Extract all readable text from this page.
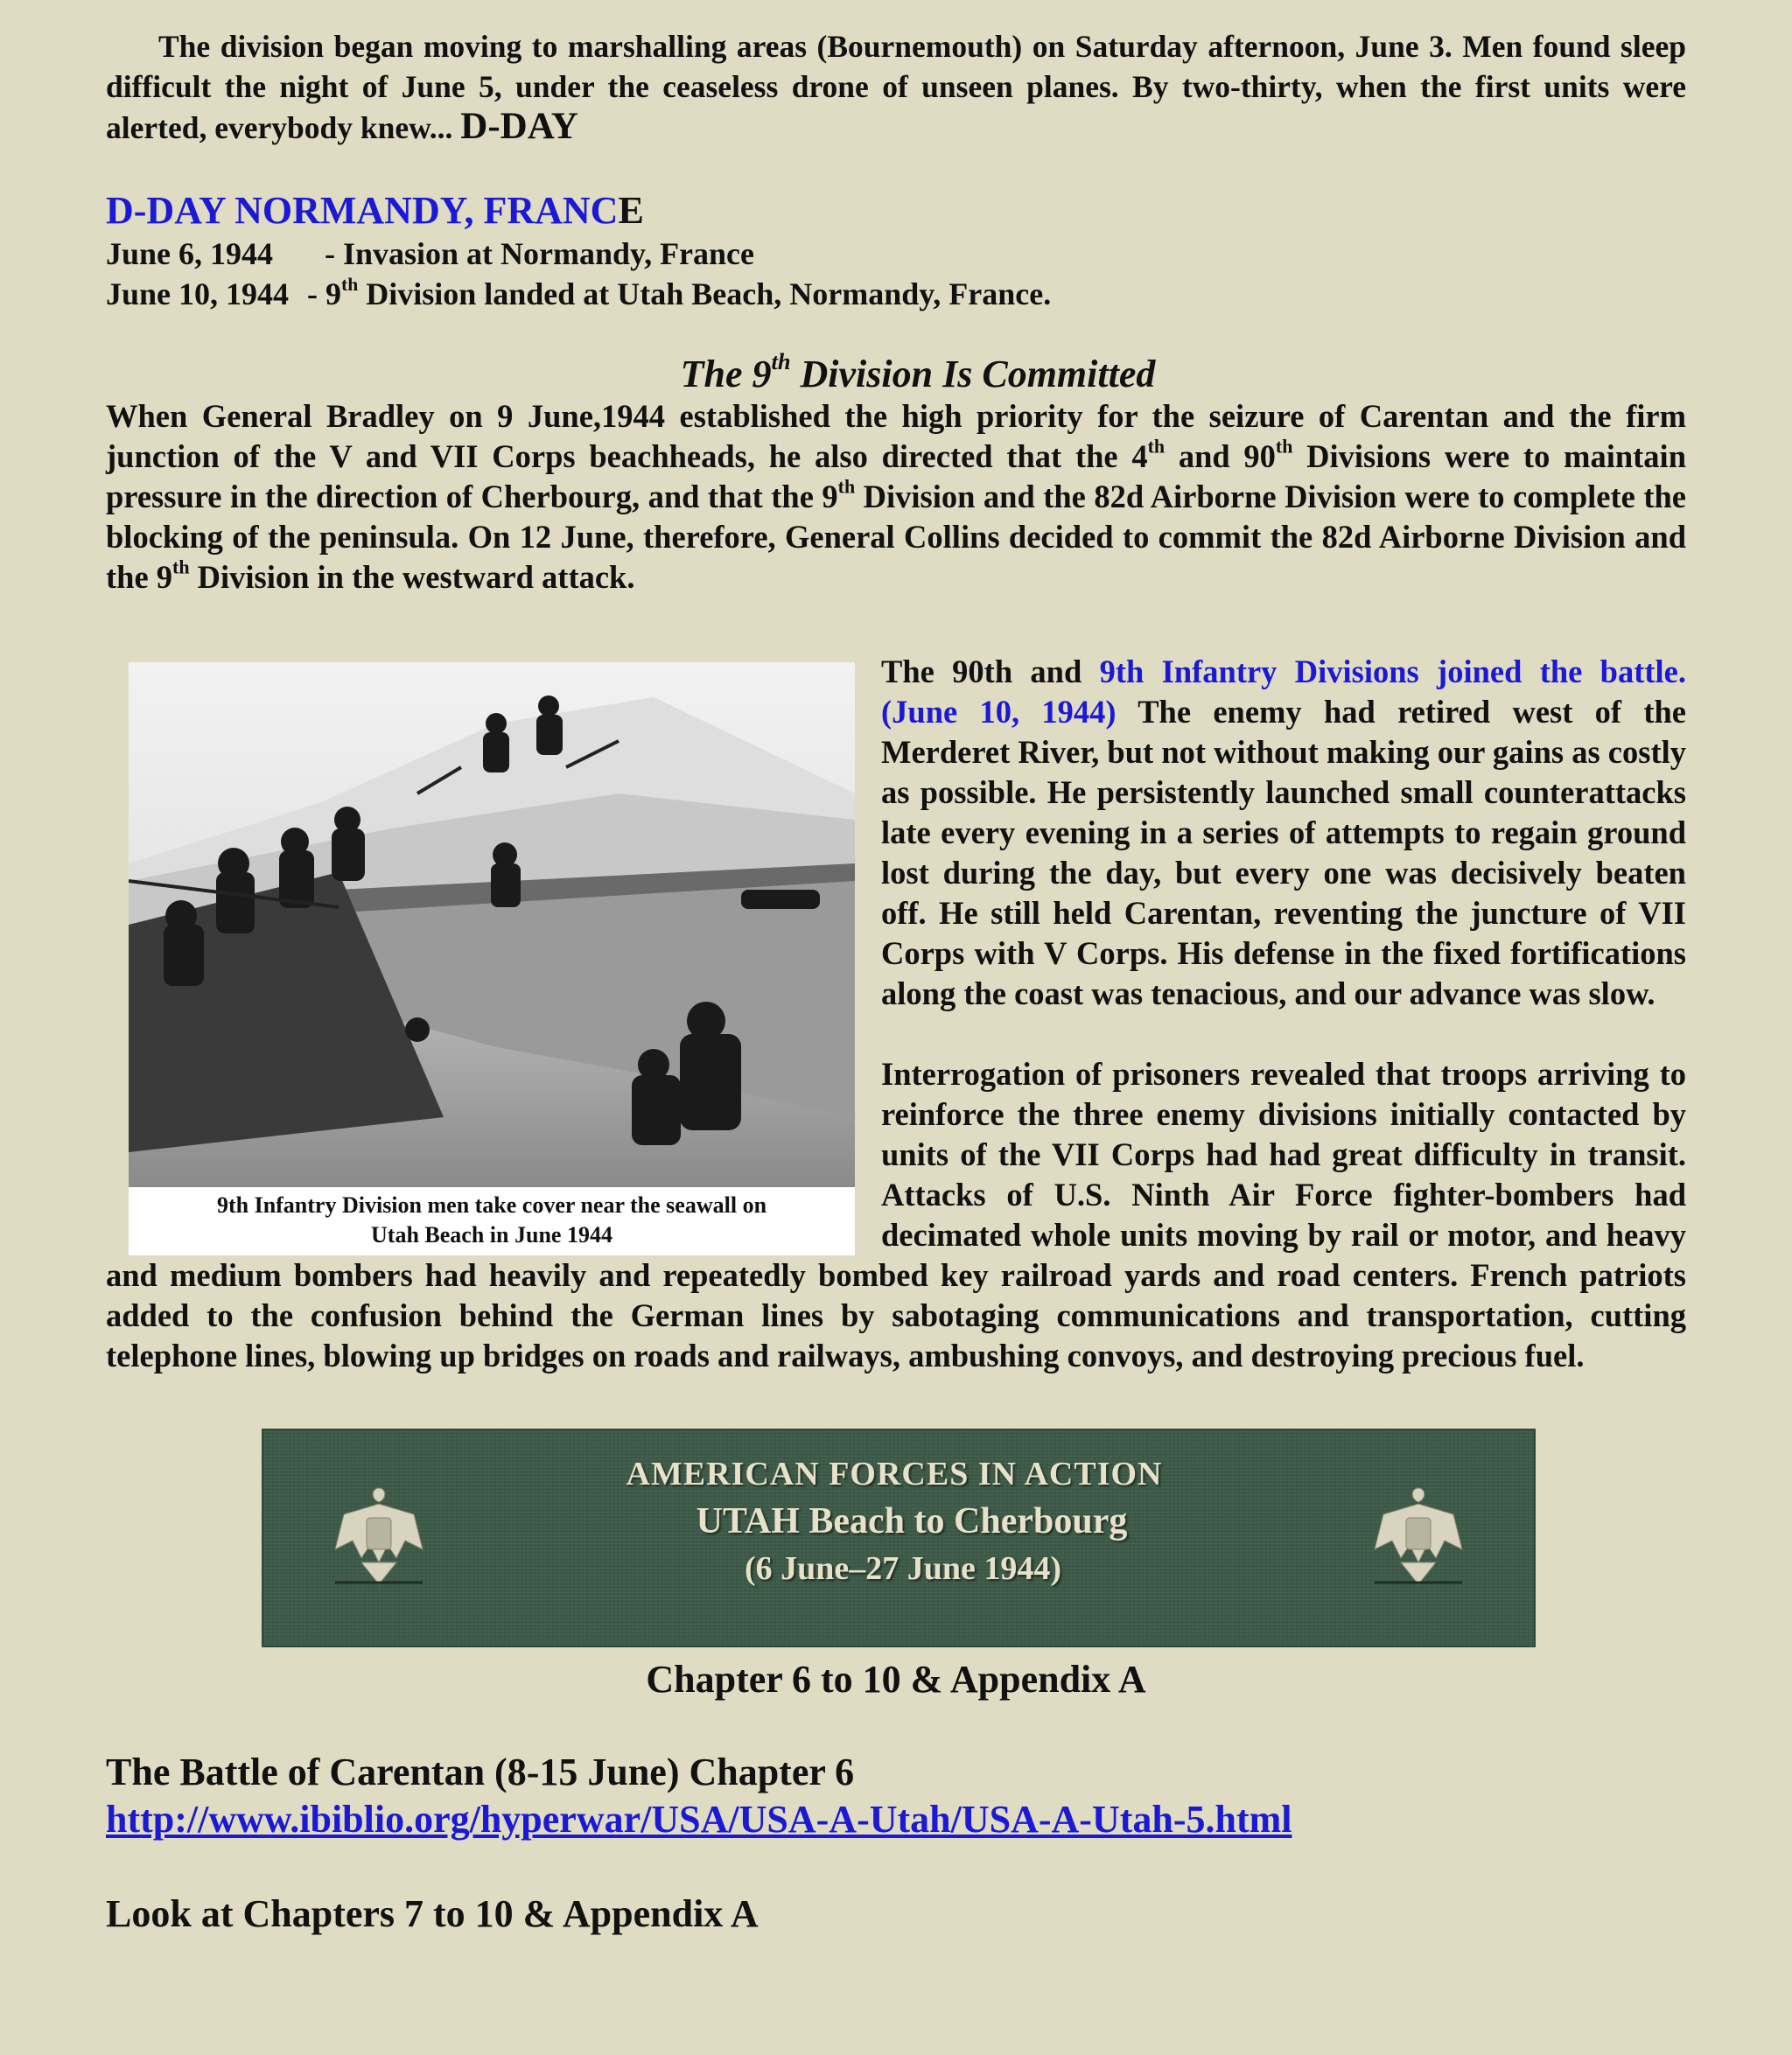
The division began moving to marshalling areas (Bournemouth) on Saturday afternoon, June 3. Men found sleep difficult the night of June 5, under the ceaseless drone of unseen planes. By two-thirty, when the first units were alerted, everybody knew... D-DAY

D-DAY NORMANDY, FRANCE
June 6, 1944 - Invasion at Normandy, France
June 10, 1944 - 9th Division landed at Utah Beach, Normandy, France.
The 9th Division Is Committed

When General Bradley on 9 June,1944 established the high priority for the seizure of Carentan and the firm junction of the V and VII Corps beachheads, he also directed that the 4th and 90th Divisions were to maintain pressure in the direction of Cherbourg, and that the 9th Division and the 82d Airborne Division were to complete the blocking of the peninsula. On 12 June, therefore, General Collins decided to commit the 82d Airborne Division and the 9th Division in the westward attack.

9th Infantry Division men take cover near the seawall on
Utah Beach in June 1944

The 90th and 9th Infantry Divisions joined the battle. (June 10, 1944) The enemy had retired west of the Merderet River, but not without making our gains as costly as possible. He persistently launched small counterattacks late every evening in a series of attempts to regain ground lost during the day, but every one was decisively beaten off. He still held Carentan, reventing the juncture of VII Corps with V Corps. His defense in the fixed fortifications along the coast was tenacious, and our advance was slow.

Interrogation of prisoners revealed that troops arriving to reinforce the three enemy divisions initially contacted by units of the VII Corps had had great difficulty in transit. Attacks of U.S. Ninth Air Force fighter-bombers had decimated whole units moving by rail or motor, and heavy and medium bombers had heavily and repeatedly bombed key railroad yards and road centers. French patriots added to the confusion behind the German lines by sabotaging communications and transportation, cutting telephone lines, blowing up bridges on roads and railways, ambushing convoys, and destroying precious fuel.

AMERICAN FORCES IN ACTION
UTAH Beach to Cherbourg
(6 June–27 June 1944)
Chapter 6 to 10 & Appendix A
The Battle of Carentan (8-15 June) Chapter 6
http://www.ibiblio.org/hyperwar/USA/USA-A-Utah/USA-A-Utah-5.html
Look at Chapters 7 to 10 & Appendix A
